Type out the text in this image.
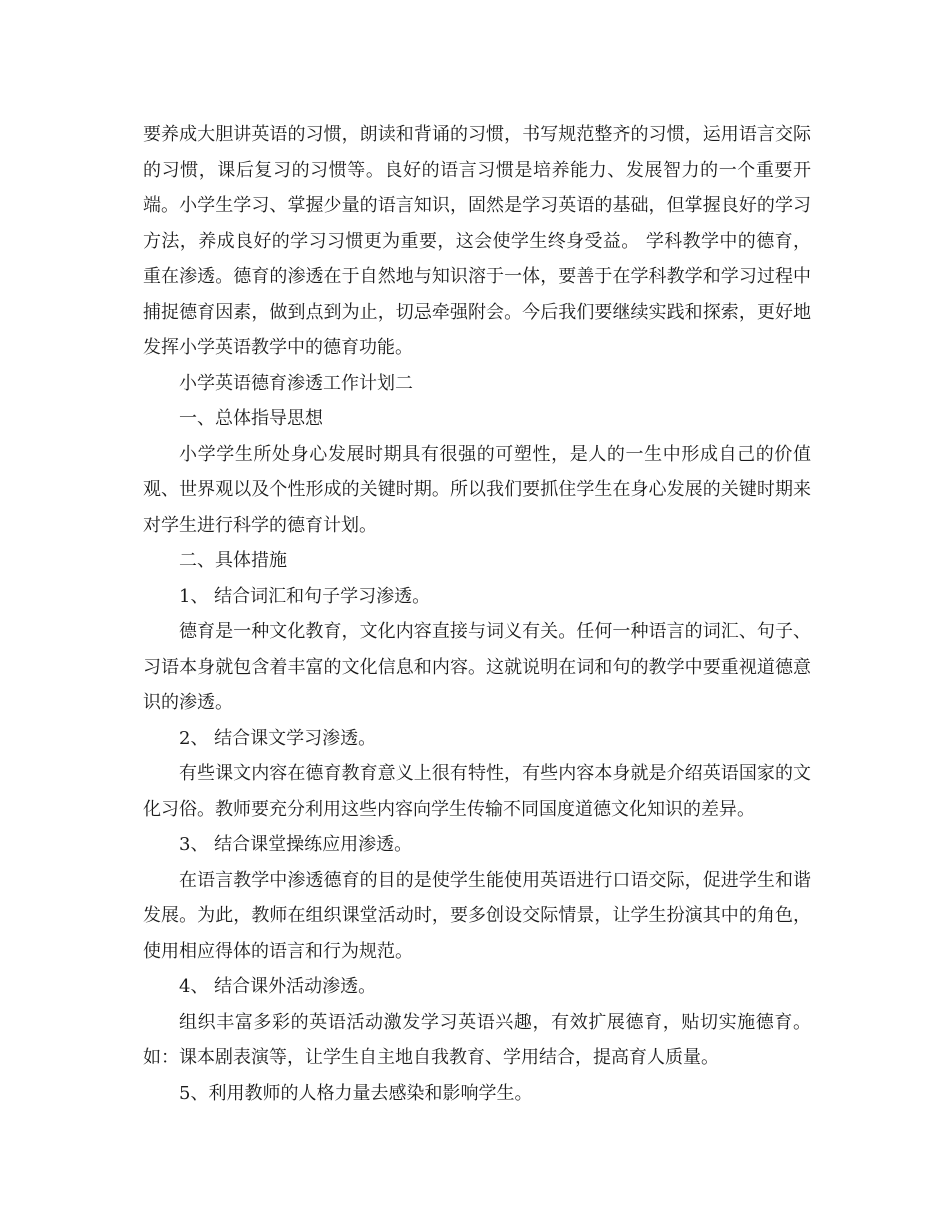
要养成大胆讲英语的习惯，朗读和背诵的习惯，书写规范整齐的习惯，运用语言交际的习惯，课后复习的习惯等。良好的语言习惯是培养能力、发展智力的一个重要开端。小学生学习、掌握少量的语言知识，固然是学习英语的基础，但掌握良好的学习方法，养成良好的学习习惯更为重要，这会使学生终身受益。 学科教学中的德育，重在渗透。德育的渗透在于自然地与知识溶于一体，要善于在学科教学和学习过程中捕捉德育因素，做到点到为止，切忌牵强附会。今后我们要继续实践和探索，更好地发挥小学英语教学中的德育功能。

小学英语德育渗透工作计划二

一、总体指导思想

小学学生所处身心发展时期具有很强的可塑性，是人的一生中形成自己的价值观、世界观以及个性形成的关键时期。所以我们要抓住学生在身心发展的关键时期来对学生进行科学的德育计划。

二、具体措施

1、 结合词汇和句子学习渗透。

德育是一种文化教育，文化内容直接与词义有关。任何一种语言的词汇、句子、习语本身就包含着丰富的文化信息和内容。这就说明在词和句的教学中要重视道德意识的渗透。

2、 结合课文学习渗透。

有些课文内容在德育教育意义上很有特性，有些内容本身就是介绍英语国家的文化习俗。教师要充分利用这些内容向学生传输不同国度道德文化知识的差异。

3、 结合课堂操练应用渗透。

在语言教学中渗透德育的目的是使学生能使用英语进行口语交际，促进学生和谐发展。为此，教师在组织课堂活动时，要多创设交际情景，让学生扮演其中的角色，使用相应得体的语言和行为规范。

4、 结合课外活动渗透。

组织丰富多彩的英语活动激发学习英语兴趣，有效扩展德育，贴切实施德育。如：课本剧表演等，让学生自主地自我教育、学用结合，提高育人质量。

5、利用教师的人格力量去感染和影响学生。
